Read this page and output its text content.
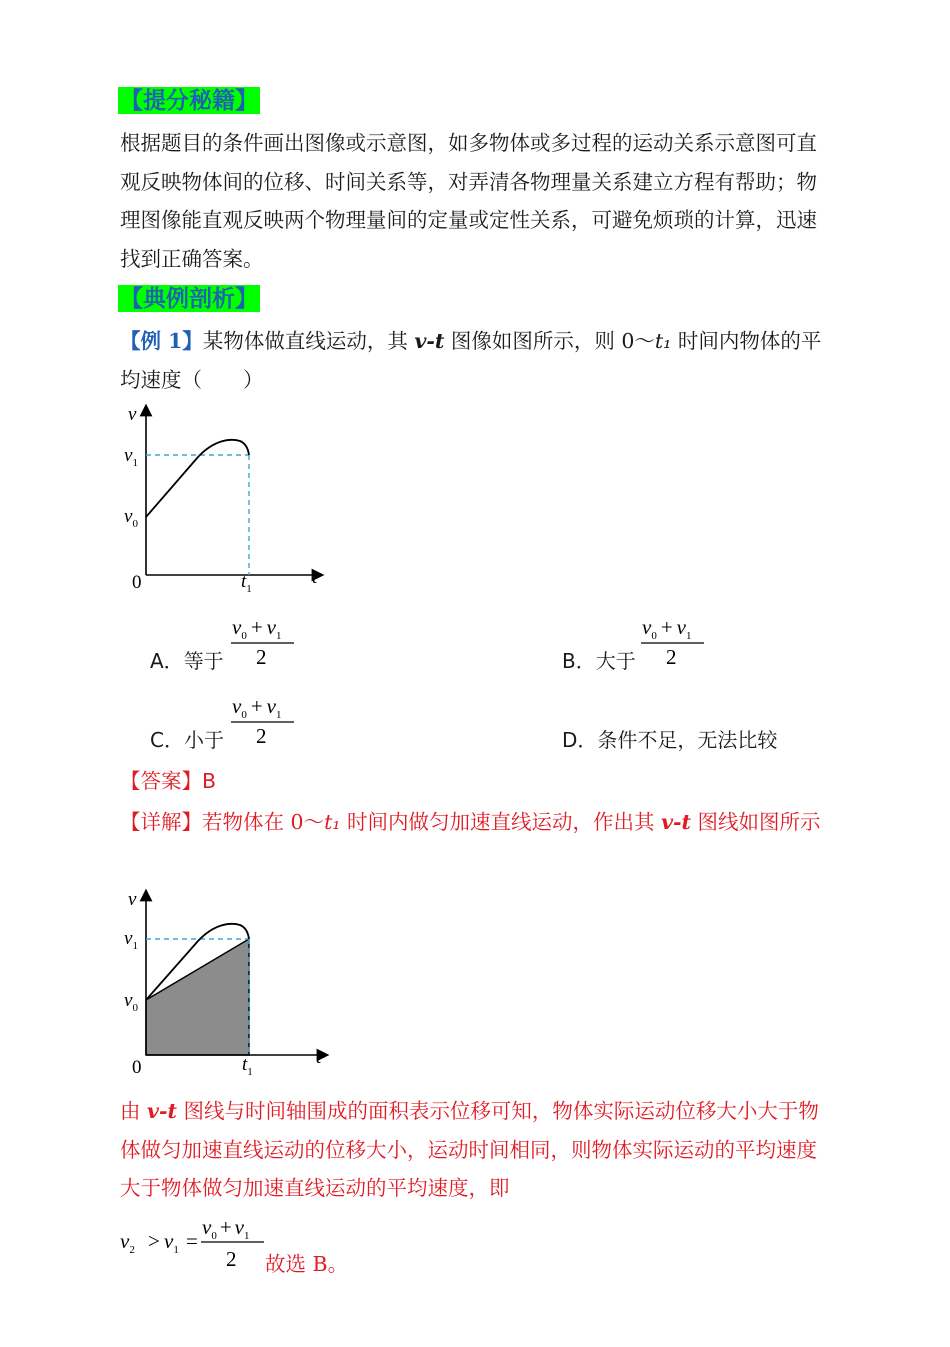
【提分秘籍】
根据题目的条件画出图像或示意图，如多物体或多过程的运动关系示意图可直观反映物体间的位移、时间关系等，对弄清各物理量关系建立方程有帮助；物理图像能直观反映两个物理量间的定量或定性关系，可避免烦琐的计算，迅速找到正确答案。
【典例剖析】
【例 1】某物体做直线运动，其 v-t 图像如图所示，则 0～t₁ 时间内物体的平均速度（　　）
v
t
0
$v_1$
$v_0$
$t_1$
A．等于
$v_0 + v_1$
2	B．大于
$v_0 + v_1$
2
C．小于
$v_0 + v_1$
2	D．条件不足，无法比较
【答案】B
【详解】若物体在 0～t₁ 时间内做匀加速直线运动，作出其 v-t 图线如图所示
v
t
0
$v_1$
$v_0$
$t_1$
由 v-t 图线与时间轴围成的面积表示位移可知，物体实际运动位移大小大于物体做匀加速直线运动的位移大小，运动时间相同，则物体实际运动的平均速度大于物体做匀加速直线运动的平均速度，即
$v_2 > v_1$ =
$v_0 + v_1$
2 故选 B。
